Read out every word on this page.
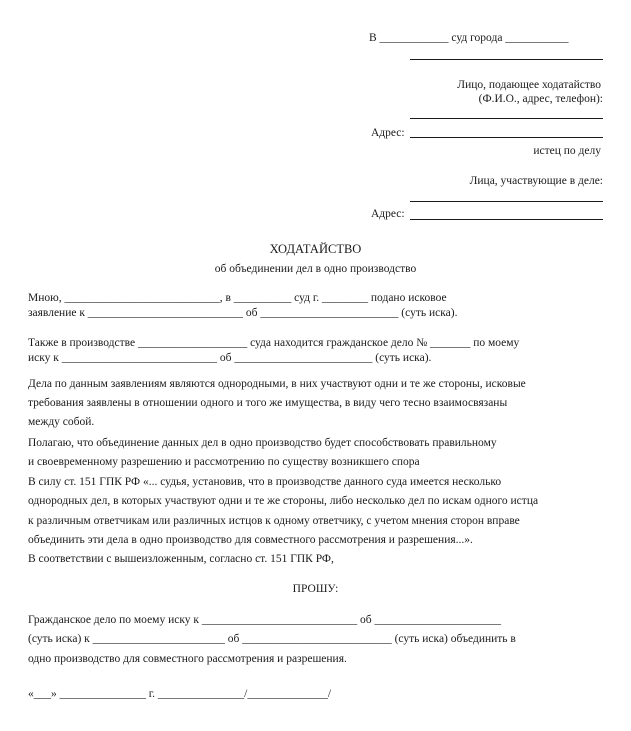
В ____________ суд города ___________
Лицо, подающее ходатайство
(Ф.И.О., адрес, телефон):
Адрес:
истец по делу
Лица, участвующие в деле:
Адрес:
ХОДАТАЙСТВО
об объединении дел в одно производство
Мною, ___________________________, в __________ суд г. ________ подано исковое
заявление к ___________________________ об ________________________ (суть иска).
Также в производстве ___________________ суда находится гражданское дело № _______ по моему
иску к ___________________________ об ________________________ (суть иска).
Дела по данным заявлениям являются однородными, в них участвуют одни и те же стороны, исковые
требования заявлены в отношении одного и того же имущества, в виду чего тесно взаимосвязаны
между собой.
Полагаю, что объединение данных дел в одно производство будет способствовать правильному
и своевременному разрешению и рассмотрению по существу возникшего спора
В силу ст. 151 ГПК РФ «... судья, установив, что в производстве данного суда имеется несколько
однородных дел, в которых участвуют одни и те же стороны, либо несколько дел по искам одного истца
к различным ответчикам или различных истцов к одному ответчику, с учетом мнения сторон вправе
объединить эти дела в одно производство для совместного рассмотрения и разрешения...».
В соответствии с вышеизложенным, согласно ст. 151 ГПК РФ,
ПРОШУ:
Гражданское дело по моему иску к ___________________________ об ______________________
(суть иска) к _______________________ об __________________________ (суть иска) объединить в
одно производство для совместного рассмотрения и разрешения.
«___» _______________ г. _______________/______________/
